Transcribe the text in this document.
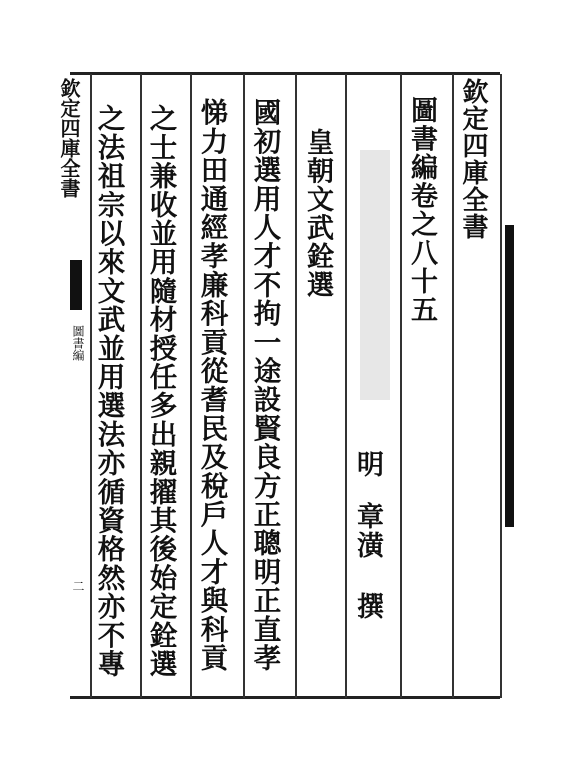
欽定四庫全書
圖書編
二 之法祖宗以來文武並用選法亦循資格然亦不專 之士兼收並用隨材授任多出親擢其後始定銓選 悌力田通經孝廉科貢從耆民及稅戶人才與科貢 國初選用人才不拘一途設賢良方正聰明正直孝 皇朝文武銓選
明
章潢
撰
圖書編卷之八十五 欽定四庫全書
